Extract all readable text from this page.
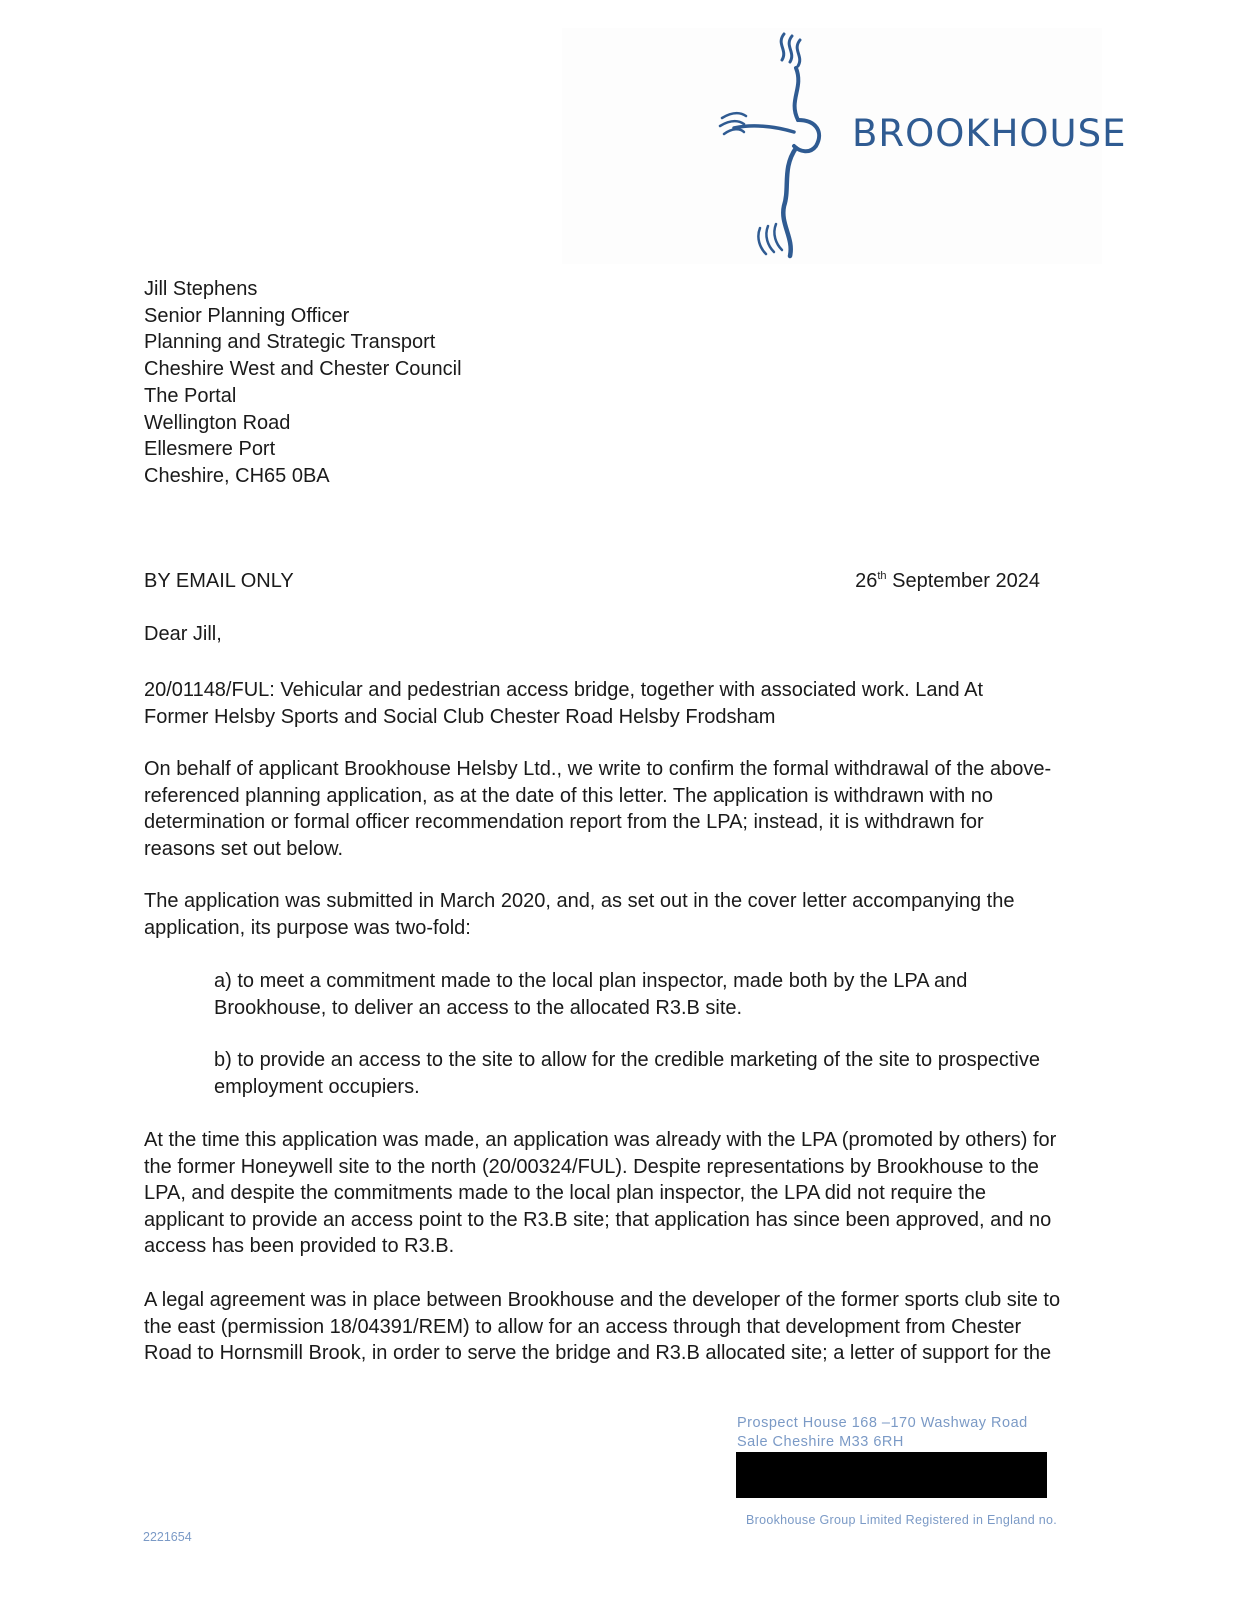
BROOKHOUSE
Jill Stephens
Senior Planning Officer
Planning and Strategic Transport
Cheshire West and Chester Council
The Portal
Wellington Road
Ellesmere Port
Cheshire, CH65 0BA
BY EMAIL ONLY	26th September 2024
Dear Jill,
20/01148/FUL: Vehicular and pedestrian access bridge, together with associated work. Land At
Former Helsby Sports and Social Club Chester Road Helsby Frodsham
On behalf of applicant Brookhouse Helsby Ltd., we write to confirm the formal withdrawal of the above-
referenced planning application, as at the date of this letter. The application is withdrawn with no
determination or formal officer recommendation report from the LPA; instead, it is withdrawn for
reasons set out below.
The application was submitted in March 2020, and, as set out in the cover letter accompanying the
application, its purpose was two-fold:
a) to meet a commitment made to the local plan inspector, made both by the LPA and
Brookhouse, to deliver an access to the allocated R3.B site.
b) to provide an access to the site to allow for the credible marketing of the site to prospective
employment occupiers.
At the time this application was made, an application was already with the LPA (promoted by others) for
the former Honeywell site to the north (20/00324/FUL). Despite representations by Brookhouse to the
LPA, and despite the commitments made to the local plan inspector, the LPA did not require the
applicant to provide an access point to the R3.B site; that application has since been approved, and no
access has been provided to R3.B.
A legal agreement was in place between Brookhouse and the developer of the former sports club site to
the east (permission 18/04391/REM) to allow for an access through that development from Chester
Road to Hornsmill Brook, in order to serve the bridge and R3.B allocated site; a letter of support for the
Prospect House 168 –170 Washway Road
Sale Cheshire M33 6RH
Brookhouse Group Limited Registered in England no.
2221654
